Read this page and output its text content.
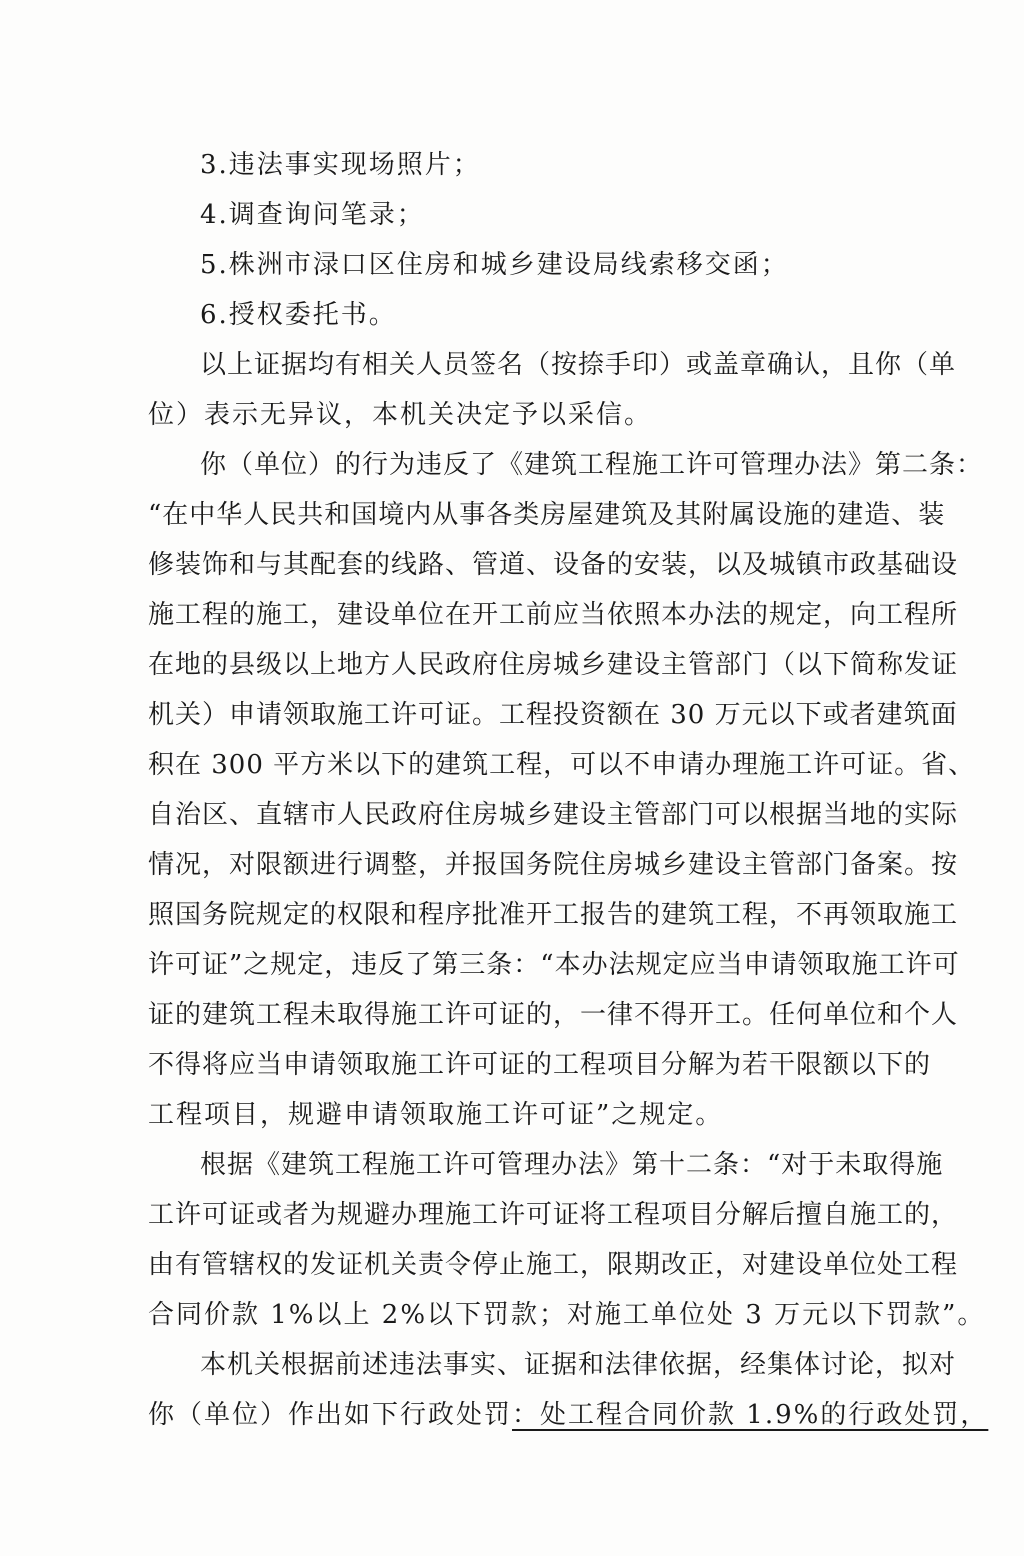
3.违法事实现场照片；
4.调查询问笔录；
5.株洲市渌口区住房和城乡建设局线索移交函；
6.授权委托书。
以上证据均有相关人员签名（按捺手印）或盖章确认，且你（单
位）表示无异议，本机关决定予以采信。
你（单位）的行为违反了《建筑工程施工许可管理办法》第二条：
“在中华人民共和国境内从事各类房屋建筑及其附属设施的建造、装
修装饰和与其配套的线路、管道、设备的安装，以及城镇市政基础设
施工程的施工，建设单位在开工前应当依照本办法的规定，向工程所
在地的县级以上地方人民政府住房城乡建设主管部门（以下简称发证
机关）申请领取施工许可证。工程投资额在 30 万元以下或者建筑面
积在 300 平方米以下的建筑工程，可以不申请办理施工许可证。省、
自治区、直辖市人民政府住房城乡建设主管部门可以根据当地的实际
情况，对限额进行调整，并报国务院住房城乡建设主管部门备案。按
照国务院规定的权限和程序批准开工报告的建筑工程，不再领取施工
许可证”之规定，违反了第三条：“本办法规定应当申请领取施工许可
证的建筑工程未取得施工许可证的，一律不得开工。任何单位和个人
不得将应当申请领取施工许可证的工程项目分解为若干限额以下的
工程项目，规避申请领取施工许可证”之规定。
根据《建筑工程施工许可管理办法》第十二条：“对于未取得施
工许可证或者为规避办理施工许可证将工程项目分解后擅自施工的，
由有管辖权的发证机关责令停止施工，限期改正，对建设单位处工程
合同价款 1%以上 2%以下罚款；对施工单位处 3 万元以下罚款”。
本机关根据前述违法事实、证据和法律依据，经集体讨论，拟对
你（单位）作出如下行政处罚：处工程合同价款 1.9%的行政处罚，
